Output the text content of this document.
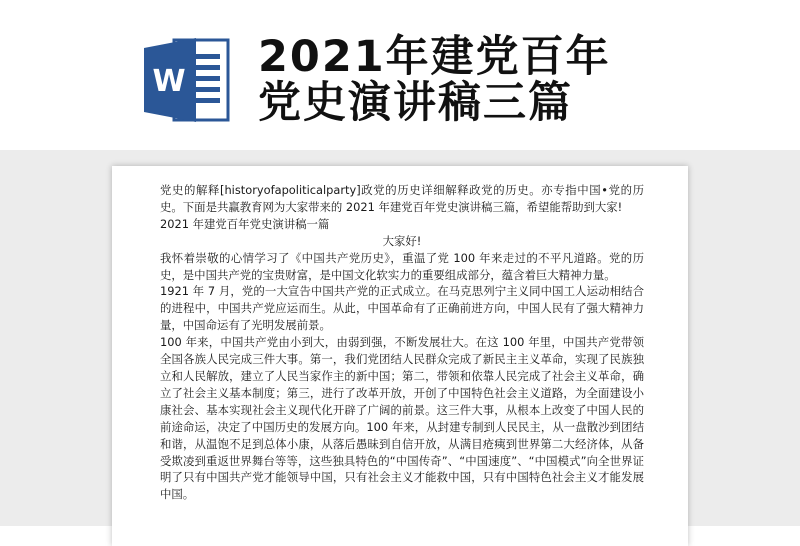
W 2021年建党百年
党史演讲稿三篇

党史的解释[historyofapoliticalparty]政党的历史详细解释政党的历史。亦专指中国•党的历史。下面是共赢教育网为大家带来的 2021 年建党百年党史演讲稿三篇，希望能帮助到大家!

2021 年建党百年党史演讲稿一篇

大家好!

我怀着崇敬的心情学习了《中国共产党历史》，重温了党 100 年来走过的不平凡道路。党的历史，是中国共产党的宝贵财富，是中国文化软实力的重要组成部分，蕴含着巨大精神力量。

1921 年 7 月，党的一大宣告中国共产党的正式成立。在马克思列宁主义同中国工人运动相结合的进程中，中国共产党应运而生。从此，中国革命有了正确前进方向，中国人民有了强大精神力量，中国命运有了光明发展前景。

100 年来，中国共产党由小到大，由弱到强，不断发展壮大。在这 100 年里，中国共产党带领全国各族人民完成三件大事。第一，我们党团结人民群众完成了新民主主义革命，实现了民族独立和人民解放，建立了人民当家作主的新中国；第二，带领和依靠人民完成了社会主义革命，确立了社会主义基本制度；第三，进行了改革开放，开创了中国特色社会主义道路，为全面建设小康社会、基本实现社会主义现代化开辟了广阔的前景。这三件大事，从根本上改变了中国人民的前途命运，决定了中国历史的发展方向。100 年来，从封建专制到人民民主，从一盘散沙到团结和谐，从温饱不足到总体小康，从落后愚昧到自信开放，从满目疮痍到世界第二大经济体，从备受欺凌到重返世界舞台等等，这些独具特色的“中国传奇”、“中国速度”、“中国模式”向全世界证明了只有中国共产党才能领导中国，只有社会主义才能救中国，只有中国特色社会主义才能发展中国。
